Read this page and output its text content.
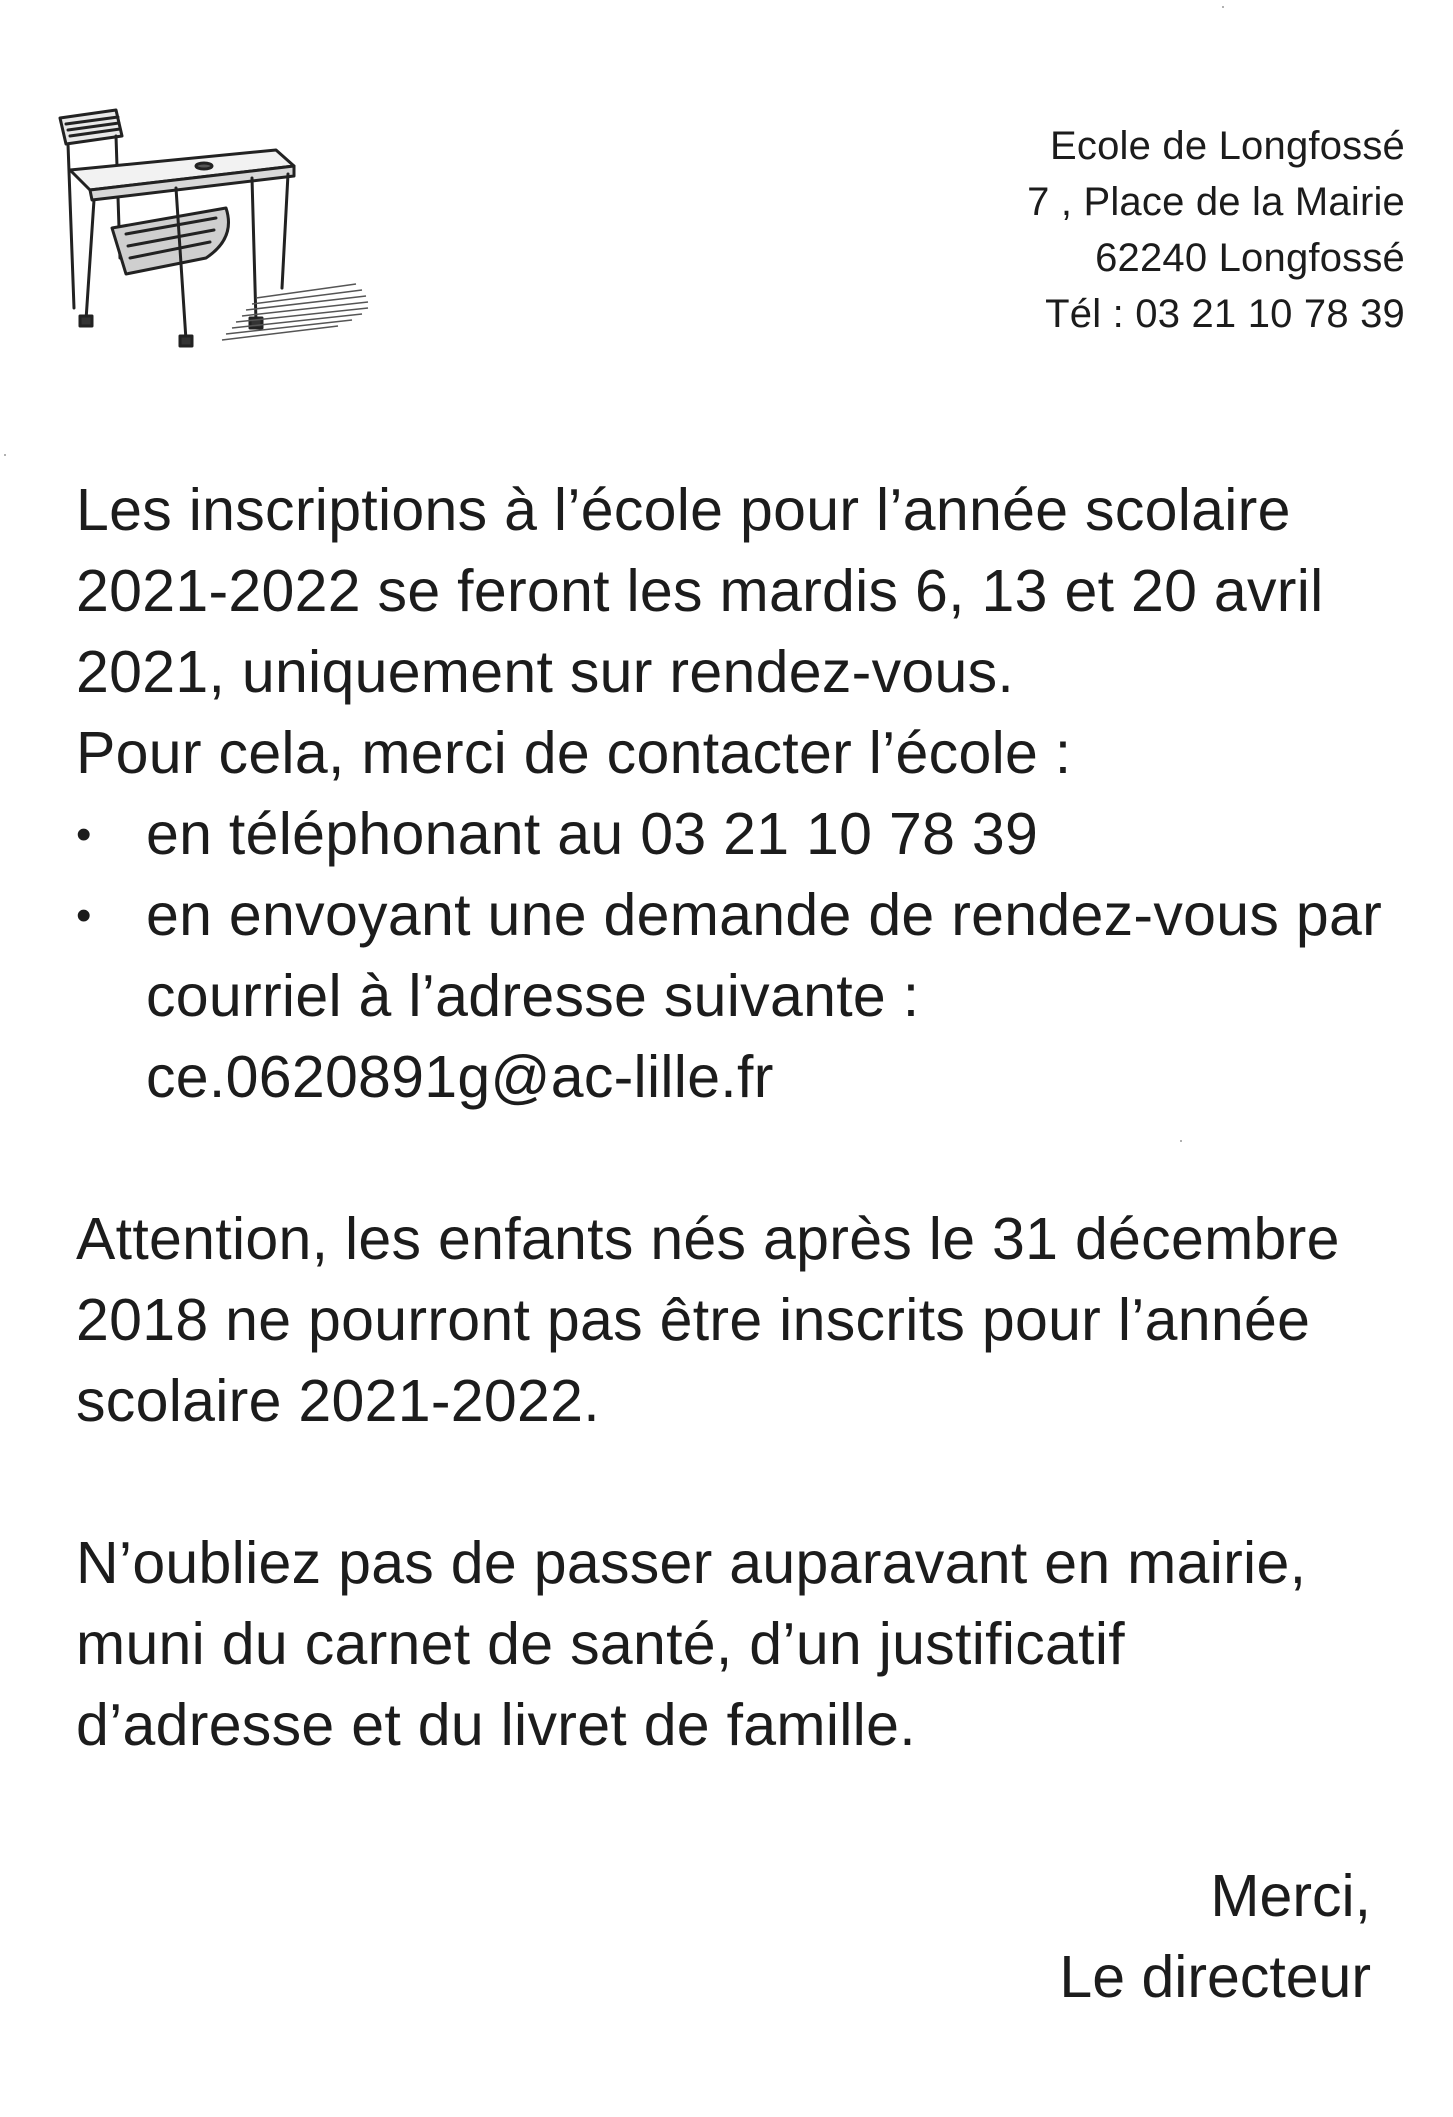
Ecole de Longfossé
7 , Place de la Mairie
62240 Longfossé
Tél : 03 21 10 78 39

Les inscriptions à l’école pour l’année scolaire 2021-2022 se feront les mardis 6, 13 et 20 avril 2021, uniquement sur rendez-vous.

Pour cela, merci de contacter l’école :

• en téléphonant au 03 21 10 78 39
• en envoyant une demande de rendez-vous par courriel à l’adresse suivante : ce.0620891g@ac-lille.fr

Attention, les enfants nés après le 31 décembre 2018 ne pourront pas être inscrits pour l’année scolaire 2021-2022.

N’oubliez pas de passer auparavant en mairie, muni du carnet de santé, d’un justificatif d’adresse et du livret de famille.

Merci,
Le directeur
